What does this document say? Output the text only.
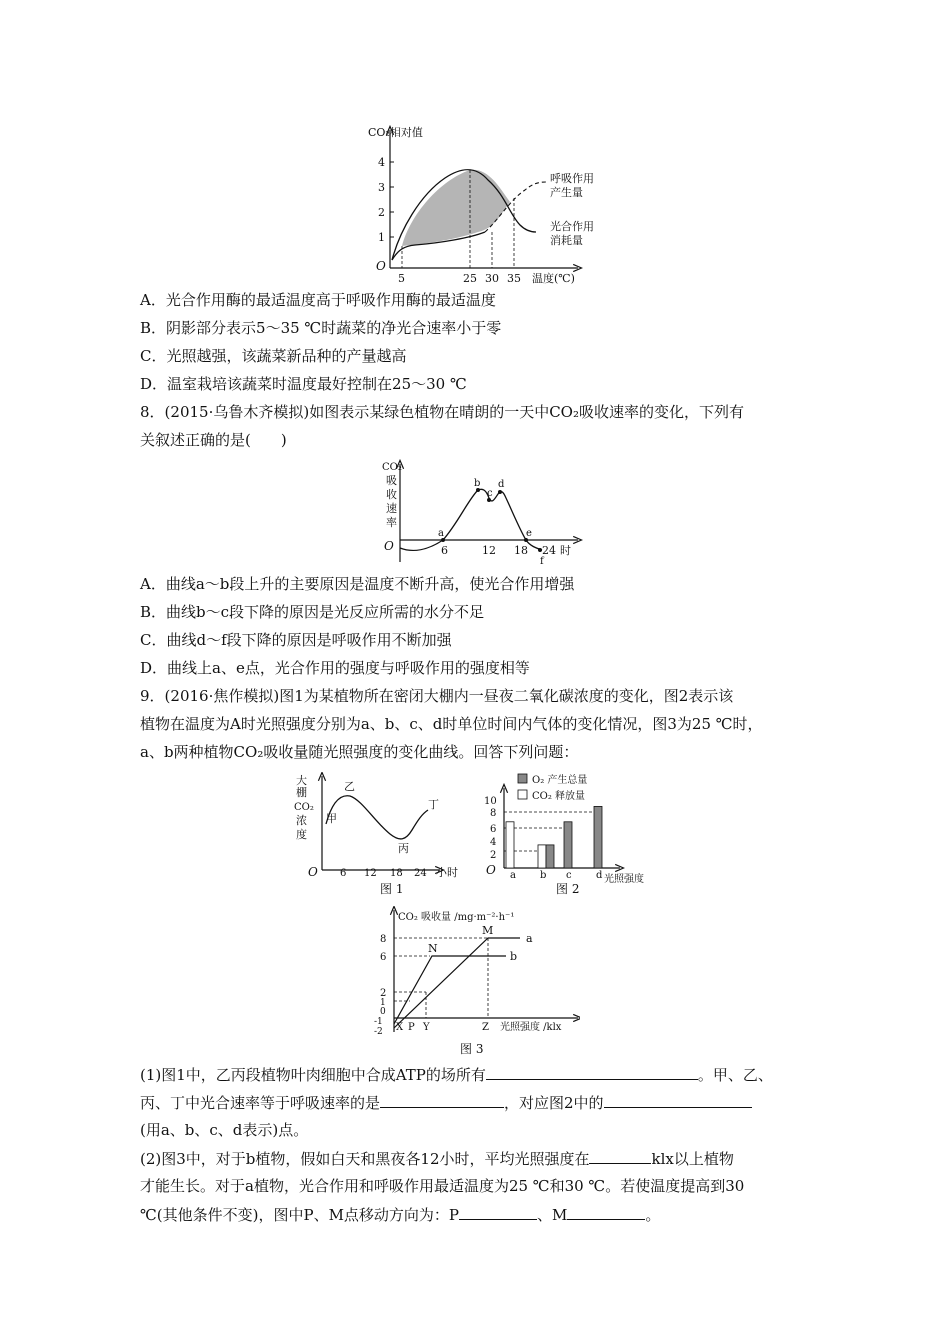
CO₂相对值
4
3
2
1
O
5	25 30 35 温度(℃)
呼吸作用
产生量
光合作用
消耗量
A．光合作用酶的最适温度高于呼吸作用酶的最适温度
B．阴影部分表示5～35 ℃时蔬菜的净光合速率小于零
C．光照越强，该蔬菜新品种的产量越高
D．温室栽培该蔬菜时温度最好控制在25～30 ℃
8．(2015·乌鲁木齐模拟)如图表示某绿色植物在晴朗的一天中CO₂吸收速率的变化，下列有
关叙述正确的是(　　)
CO₂
吸
收
速
率
O
a
b
c
d
e
f
6	12 18 24 时
A．曲线a～b段上升的主要原因是温度不断升高，使光合作用增强
B．曲线b～c段下降的原因是光反应所需的水分不足
C．曲线d～f段下降的原因是呼吸作用不断加强
D．曲线上a、e点，光合作用的强度与呼吸作用的强度相等
9．(2016·焦作模拟)图1为某植物所在密闭大棚内一昼夜二氧化碳浓度的变化，图2表示该
植物在温度为A时光照强度分别为a、b、c、d时单位时间内气体的变化情况，图3为25 ℃时，
a、b两种植物CO₂吸收量随光照强度的变化曲线。回答下列问题：
大
棚
CO₂
浓
度
甲
乙
丙
丁
O 6 12 18 24 小时
图 1
O₂ 产生总量
CO₂ 释放量
10
8
6
4
2
O a b c d 光照强度
图 2
CO₂ 吸收量 /mg·m⁻²·h⁻¹
8
6
2
1
0
-1
-2
a
b
N
M
X P Y	Z 光照强度 /klx
图 3
(1)图1中，乙丙段植物叶肉细胞中合成ATP的场所有	。甲、乙、
丙、丁中光合速率等于呼吸速率的是	，对应图2中的
(用a、b、c、d表示)点。
(2)图3中，对于b植物，假如白天和黑夜各12小时，平均光照强度在	klx以上植物
才能生长。对于a植物，光合作用和呼吸作用最适温度为25 ℃和30 ℃。若使温度提高到30
℃(其他条件不变)，图中P、M点移动方向为：P	、M	。
